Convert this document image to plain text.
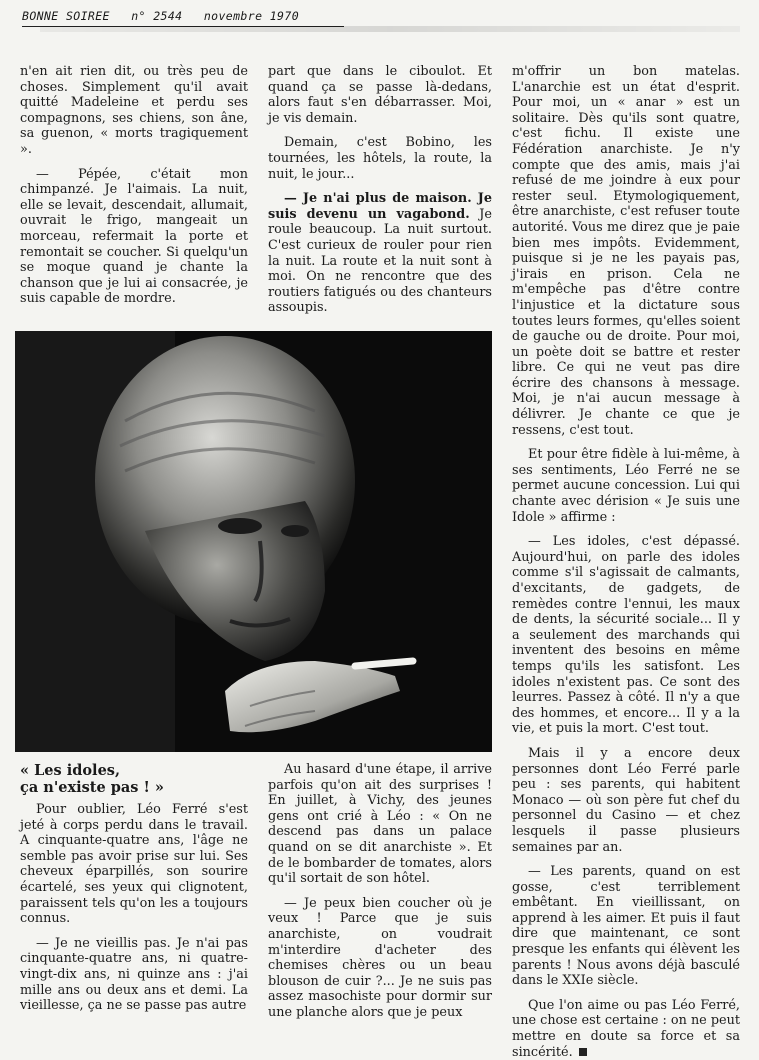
BONNE SOIREE n° 2544 novembre 1970

n'en ait rien dit, ou très peu de choses. Simplement qu'il avait quitté Madeleine et perdu ses compagnons, ses chiens, son âne, sa guenon, « morts tragiquement ».

— Pépée, c'était mon chimpanzé. Je l'aimais. La nuit, elle se levait, descendait, allumait, ouvrait le frigo, mangeait un morceau, refermait la porte et remontait se coucher. Si quelqu'un se moque quand je chante la chanson que je lui ai consacrée, je suis capable de mordre.

part que dans le ciboulot. Et quand ça se passe là-dedans, alors faut s'en débarrasser. Moi, je vis demain.

Demain, c'est Bobino, les tournées, les hôtels, la route, la nuit, le jour...

— Je n'ai plus de maison. Je suis devenu un vagabond. Je roule beaucoup. La nuit surtout. C'est curieux de rouler pour rien la nuit. La route et la nuit sont à moi. On ne rencontre que des routiers fatigués ou des chanteurs assoupis.

m'offrir un bon matelas. L'anarchie est un état d'esprit. Pour moi, un « anar » est un solitaire. Dès qu'ils sont quatre, c'est fichu. Il existe une Fédération anarchiste. Je n'y compte que des amis, mais j'ai refusé de me joindre à eux pour rester seul. Etymologiquement, être anarchiste, c'est refuser toute autorité. Vous me direz que je paie bien mes impôts. Evidemment, puisque si je ne les payais pas, j'irais en prison. Cela ne m'empêche pas d'être contre l'injustice et la dictature sous toutes leurs formes, qu'elles soient de gauche ou de droite. Pour moi, un poète doit se battre et rester libre. Ce qui ne veut pas dire écrire des chansons à message. Moi, je n'ai aucun message à délivrer. Je chante ce que je ressens, c'est tout.

Et pour être fidèle à lui-même, à ses sentiments, Léo Ferré ne se permet aucune concession. Lui qui chante avec dérision « Je suis une Idole » affirme :

— Les idoles, c'est dépassé. Aujourd'hui, on parle des idoles comme s'il s'agissait de calmants, d'excitants, de gadgets, de remèdes contre l'ennui, les maux de dents, la sécurité sociale... Il y a seulement des marchands qui inventent des besoins en même temps qu'ils les satisfont. Les idoles n'existent pas. Ce sont des leurres. Passez à côté. Il n'y a que des hommes, et encore... Il y a la vie, et puis la mort. C'est tout.

Mais il y a encore deux personnes dont Léo Ferré parle peu : ses parents, qui habitent Monaco — où son père fut chef du personnel du Casino — et chez lesquels il passe plusieurs semaines par an.

— Les parents, quand on est gosse, c'est terriblement embêtant. En vieillissant, on apprend à les aimer. Et puis il faut dire que maintenant, ce sont presque les enfants qui élèvent les parents ! Nous avons déjà basculé dans le XXIe siècle.

Que l'on aime ou pas Léo Ferré, une chose est certaine : on ne peut mettre en doute sa force et sa sincérité.

« Les idoles,
ça n'existe pas ! »

Pour oublier, Léo Ferré s'est jeté à corps perdu dans le travail. A cinquante-quatre ans, l'âge ne semble pas avoir prise sur lui. Ses cheveux éparpillés, son sourire écartelé, ses yeux qui clignotent, paraissent tels qu'on les a toujours connus.

— Je ne vieillis pas. Je n'ai pas cinquante-quatre ans, ni quatre-vingt-dix ans, ni quinze ans : j'ai mille ans ou deux ans et demi. La vieillesse, ça ne se passe pas autre

Au hasard d'une étape, il arrive parfois qu'on ait des surprises ! En juillet, à Vichy, des jeunes gens ont crié à Léo : « On ne descend pas dans un palace quand on se dit anarchiste ». Et de le bombarder de tomates, alors qu'il sortait de son hôtel.

— Je peux bien coucher où je veux ! Parce que je suis anarchiste, on voudrait m'interdire d'acheter des chemises chères ou un beau blouson de cuir ?... Je ne suis pas assez masochiste pour dormir sur une planche alors que je peux
